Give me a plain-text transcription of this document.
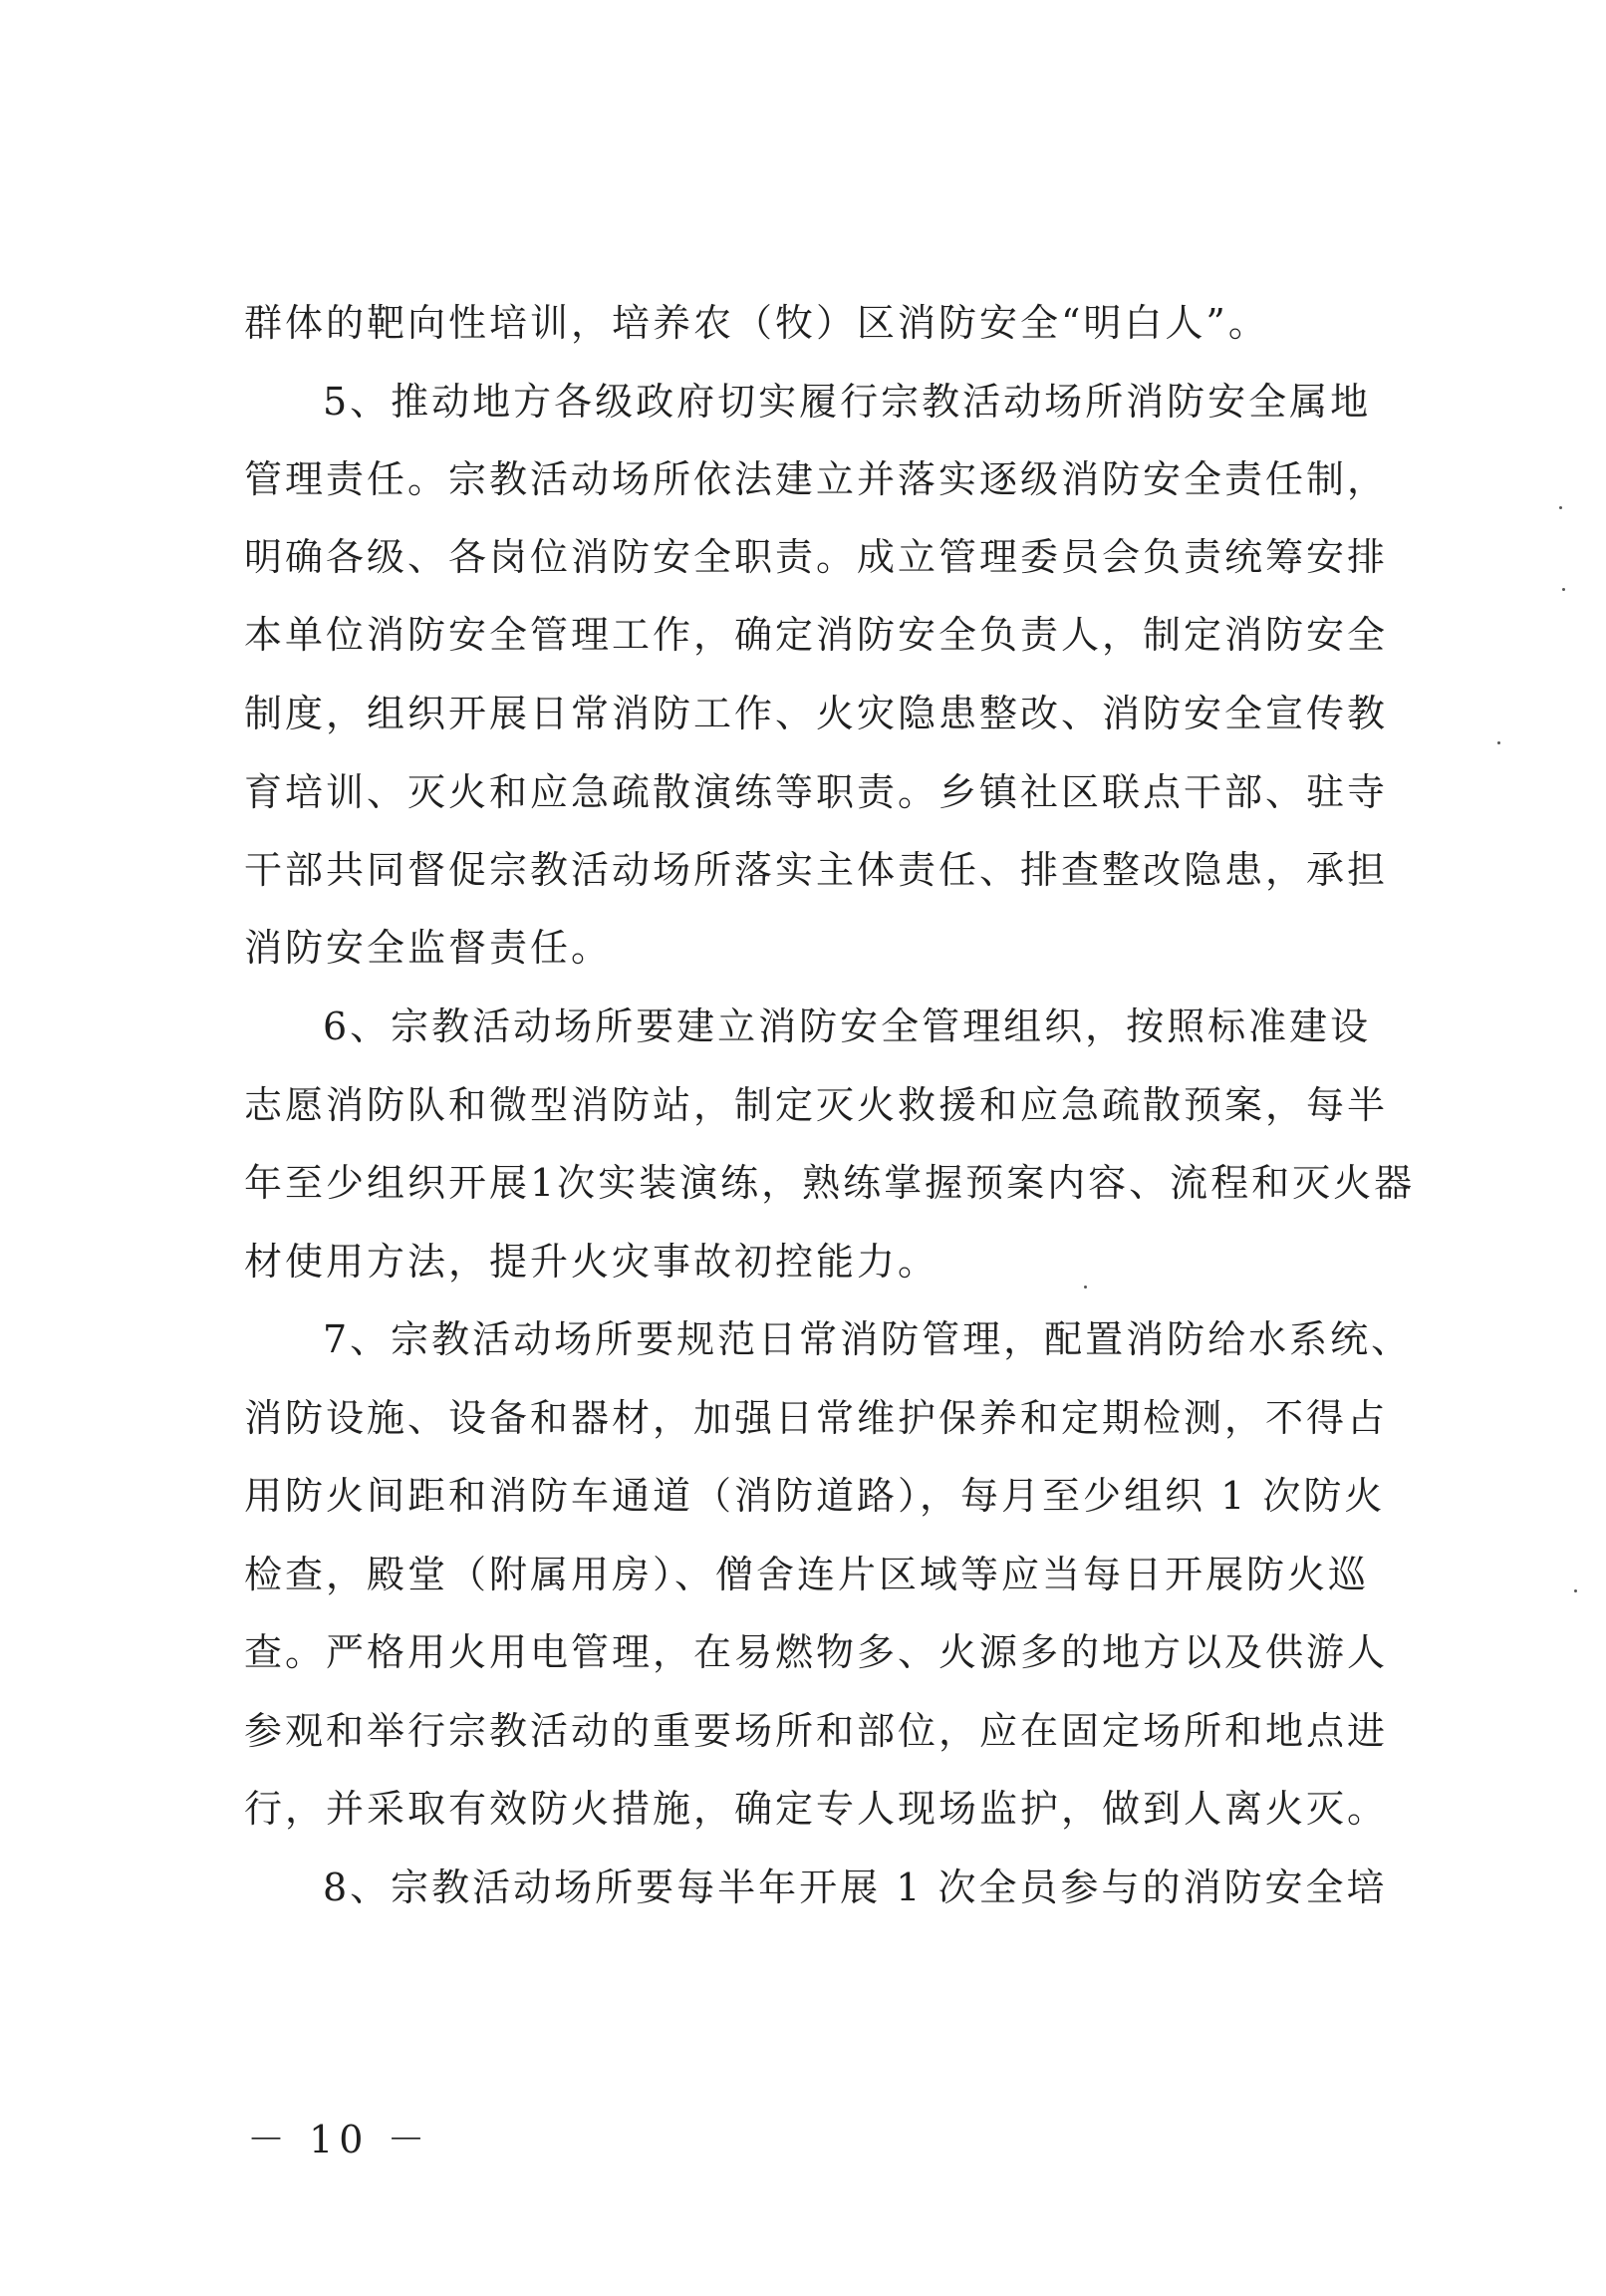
群体的靶向性培训，培养农（牧）区消防安全“明白人”。
5、推动地方各级政府切实履行宗教活动场所消防安全属地
管理责任。宗教活动场所依法建立并落实逐级消防安全责任制，
明确各级、各岗位消防安全职责。成立管理委员会负责统筹安排
本单位消防安全管理工作，确定消防安全负责人，制定消防安全
制度，组织开展日常消防工作、火灾隐患整改、消防安全宣传教
育培训、灭火和应急疏散演练等职责。乡镇社区联点干部、驻寺
干部共同督促宗教活动场所落实主体责任、排查整改隐患，承担
消防安全监督责任。
6、宗教活动场所要建立消防安全管理组织，按照标准建设
志愿消防队和微型消防站，制定灭火救援和应急疏散预案，每半
年至少组织开展1次实装演练，熟练掌握预案内容、流程和灭火器
材使用方法，提升火灾事故初控能力。
7、宗教活动场所要规范日常消防管理，配置消防给水系统、
消防设施、设备和器材，加强日常维护保养和定期检测，不得占
用防火间距和消防车通道（消防道路），每月至少组织 1 次防火
检查，殿堂（附属用房）、僧舍连片区域等应当每日开展防火巡
查。严格用火用电管理，在易燃物多、火源多的地方以及供游人
参观和举行宗教活动的重要场所和部位，应在固定场所和地点进
行，并采取有效防火措施，确定专人现场监护，做到人离火灭。
8、宗教活动场所要每半年开展 1 次全员参与的消防安全培
－ 10 －
